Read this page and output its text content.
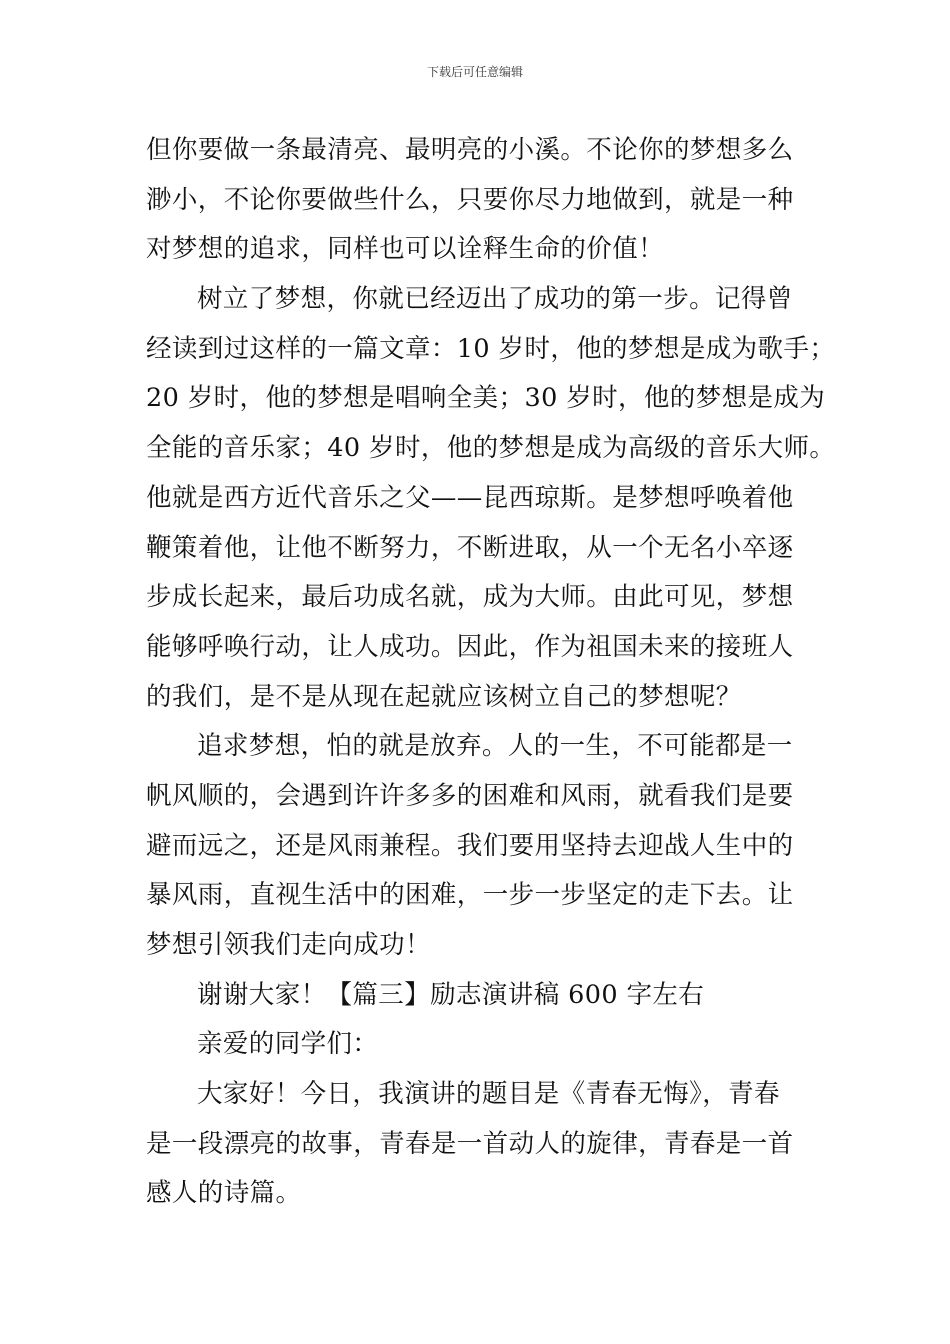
下载后可任意编辑
但你要做一条最清亮、最明亮的小溪。不论你的梦想多么
渺小，不论你要做些什么，只要你尽力地做到，就是一种
对梦想的追求，同样也可以诠释生命的价值！
树立了梦想，你就已经迈出了成功的第一步。记得曾
经读到过这样的一篇文章：10 岁时，他的梦想是成为歌手；
20 岁时，他的梦想是唱响全美；30 岁时，他的梦想是成为
全能的音乐家；40 岁时，他的梦想是成为高级的音乐大师。
他就是西方近代音乐之父——昆西琼斯。是梦想呼唤着他
鞭策着他，让他不断努力，不断进取，从一个无名小卒逐
步成长起来，最后功成名就，成为大师。由此可见，梦想
能够呼唤行动，让人成功。因此，作为祖国未来的接班人
的我们，是不是从现在起就应该树立自己的梦想呢？
追求梦想，怕的就是放弃。人的一生，不可能都是一
帆风顺的，会遇到许许多多的困难和风雨，就看我们是要
避而远之，还是风雨兼程。我们要用坚持去迎战人生中的
暴风雨，直视生活中的困难，一步一步坚定的走下去。让
梦想引领我们走向成功！
谢谢大家！【篇三】励志演讲稿 600 字左右
亲爱的同学们：
大家好！今日，我演讲的题目是《青春无悔》，青春
是一段漂亮的故事，青春是一首动人的旋律，青春是一首
感人的诗篇。
